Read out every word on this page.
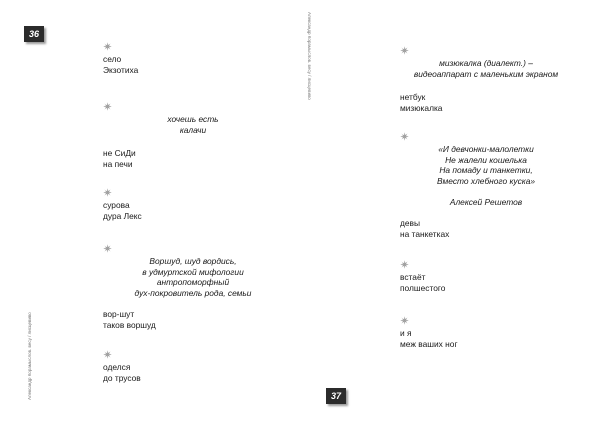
36
Александр Корамыслов. весу / лисцевиво
село
Экзотиха
хочешь есть
калачи
не СиДи
на печи
сурова
дура Лекс
Воршуд, шуд вордись,
в удмуртской мифологии
антропоморфный
дух-покровитель рода, семьи
вор-шут
таков воршуд
оделся
до трусов
Александр Корамыслов. весу / лисцевиво
37
мизюкалка (диалект.) –
видеоаппарат с маленьким экраном
нетбук
мизюкалка
«И девчонки-малолетки
Не жалели кошелька
На помаду и танкетки,
Вместо хлебного куска»
Алексей Решетов
девы
на танкетках
встаёт
полшестого
и я
меж ваших ног
